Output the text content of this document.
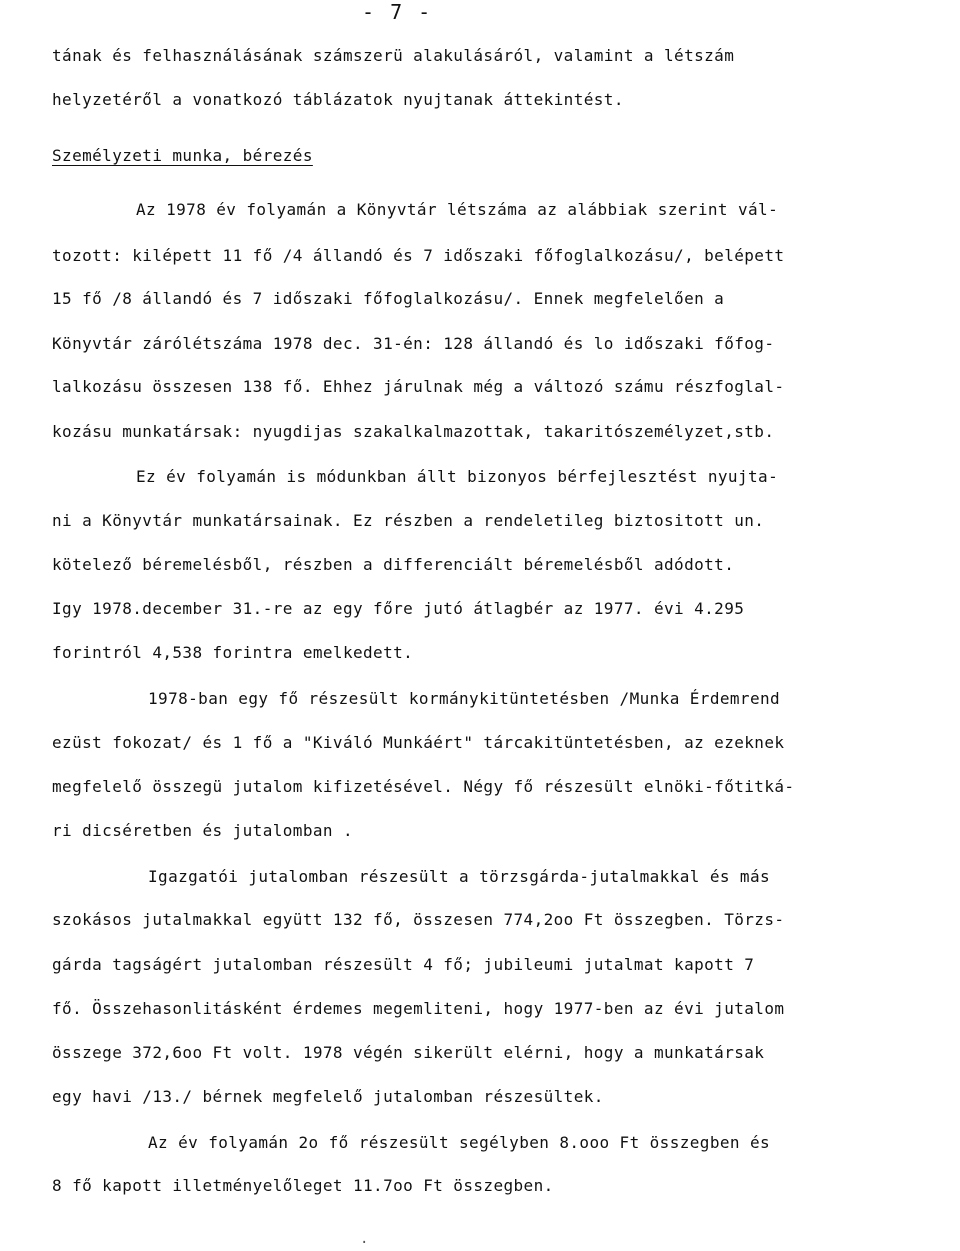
- 7 -
tának és felhasználásának számszerü alakulásáról, valamint a létszám
helyzetéről a vonatkozó táblázatok nyujtanak áttekintést.
Személyzeti munka, bérezés
Az 1978 év folyamán a Könyvtár létszáma az alábbiak szerint vál-
tozott: kilépett 11 fő /4 állandó és 7 időszaki főfoglalkozásu/, belépett
15 fő /8 állandó és 7 időszaki főfoglalkozásu/. Ennek megfelelően a
Könyvtár zárólétszáma 1978 dec. 31-én: 128 állandó és lo időszaki főfog-
lalkozásu összesen 138 fő. Ehhez járulnak még a változó számu részfoglal-
kozásu munkatársak: nyugdijas szakalkalmazottak, takaritószemélyzet,stb.
Ez év folyamán is módunkban állt bizonyos bérfejlesztést nyujta-
ni a Könyvtár munkatársainak. Ez részben a rendeletileg biztositott un.
kötelező béremelésből, részben a differenciált béremelésből adódott.
Igy 1978.december 31.-re az egy főre jutó átlagbér az 1977. évi 4.295
forintról 4,538 forintra emelkedett.
1978-ban egy fő részesült kormánykitüntetésben /Munka Érdemrend
ezüst fokozat/ és 1 fő a "Kiváló Munkáért" tárcakitüntetésben, az ezeknek
megfelelő összegü jutalom kifizetésével. Négy fő részesült elnöki-főtitká-
ri dicséretben és jutalomban .
Igazgatói jutalomban részesült a törzsgárda-jutalmakkal és más
szokásos jutalmakkal együtt 132 fő, összesen 774,2oo Ft összegben. Törzs-
gárda tagságért jutalomban részesült 4 fő; jubileumi jutalmat kapott 7
fő. Összehasonlitásként érdemes megemliteni, hogy 1977-ben az évi jutalom
összege 372,6oo Ft volt. 1978 végén sikerült elérni, hogy a munkatársak
egy havi /13./ bérnek megfelelő jutalomban részesültek.
Az év folyamán 2o fő részesült segélyben 8.ooo Ft összegben és
8 fő kapott illetményelőleget 11.7oo Ft összegben.
·
